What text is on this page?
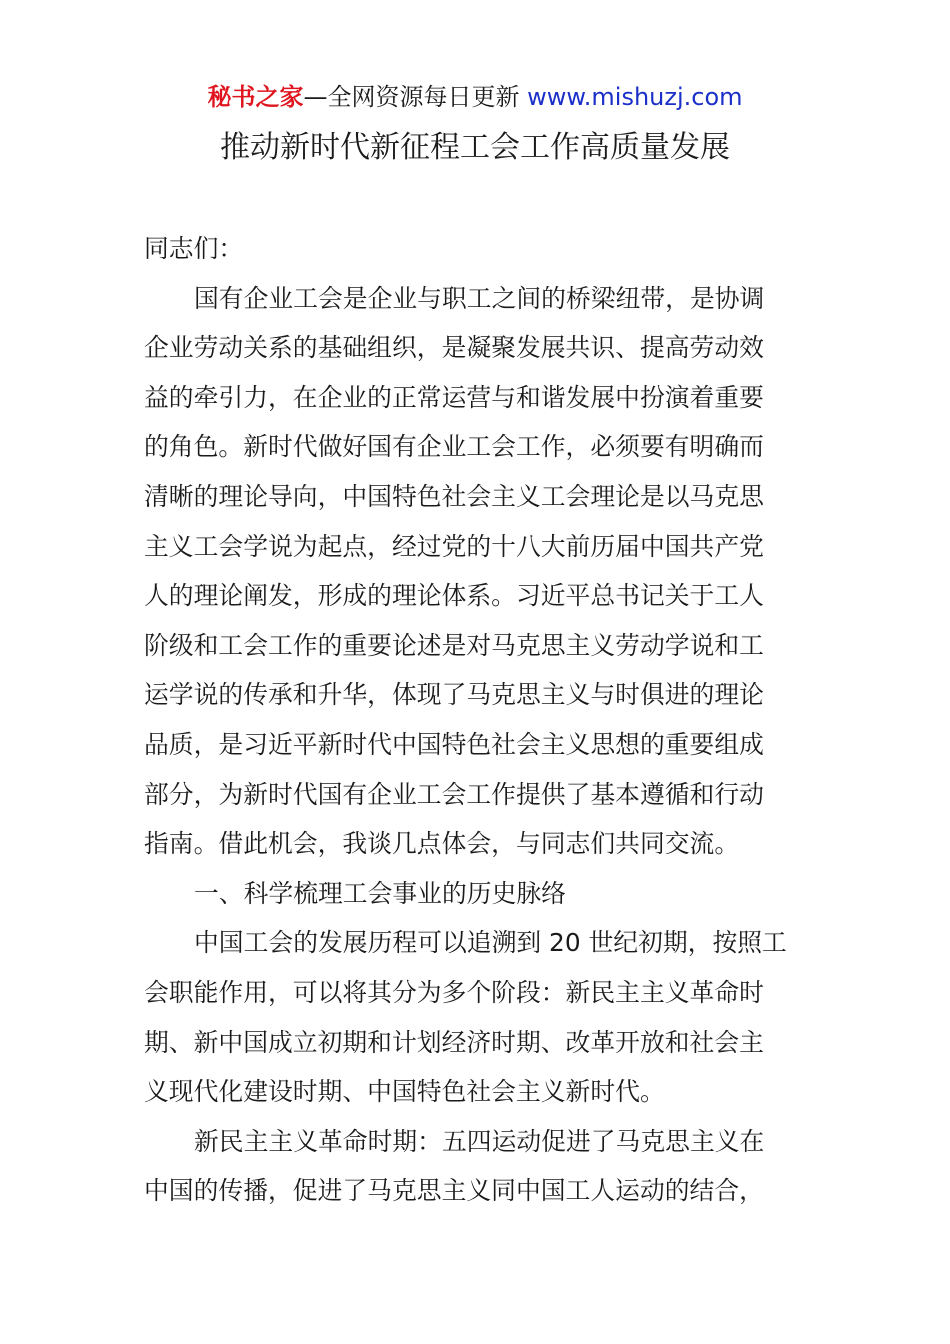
秘书之家—全网资源每日更新 www.mishuzj.com
推动新时代新征程工会工作高质量发展
同志们：
国有企业工会是企业与职工之间的桥梁纽带，是协调
企业劳动关系的基础组织，是凝聚发展共识、提高劳动效
益的牵引力，在企业的正常运营与和谐发展中扮演着重要
的角色。新时代做好国有企业工会工作，必须要有明确而
清晰的理论导向，中国特色社会主义工会理论是以马克思
主义工会学说为起点，经过党的十八大前历届中国共产党
人的理论阐发，形成的理论体系。习近平总书记关于工人
阶级和工会工作的重要论述是对马克思主义劳动学说和工
运学说的传承和升华，体现了马克思主义与时俱进的理论
品质，是习近平新时代中国特色社会主义思想的重要组成
部分，为新时代国有企业工会工作提供了基本遵循和行动
指南。借此机会，我谈几点体会，与同志们共同交流。
一、科学梳理工会事业的历史脉络
中国工会的发展历程可以追溯到 20 世纪初期，按照工
会职能作用，可以将其分为多个阶段：新民主主义革命时
期、新中国成立初期和计划经济时期、改革开放和社会主
义现代化建设时期、中国特色社会主义新时代。
新民主主义革命时期：五四运动促进了马克思主义在
中国的传播，促进了马克思主义同中国工人运动的结合，
